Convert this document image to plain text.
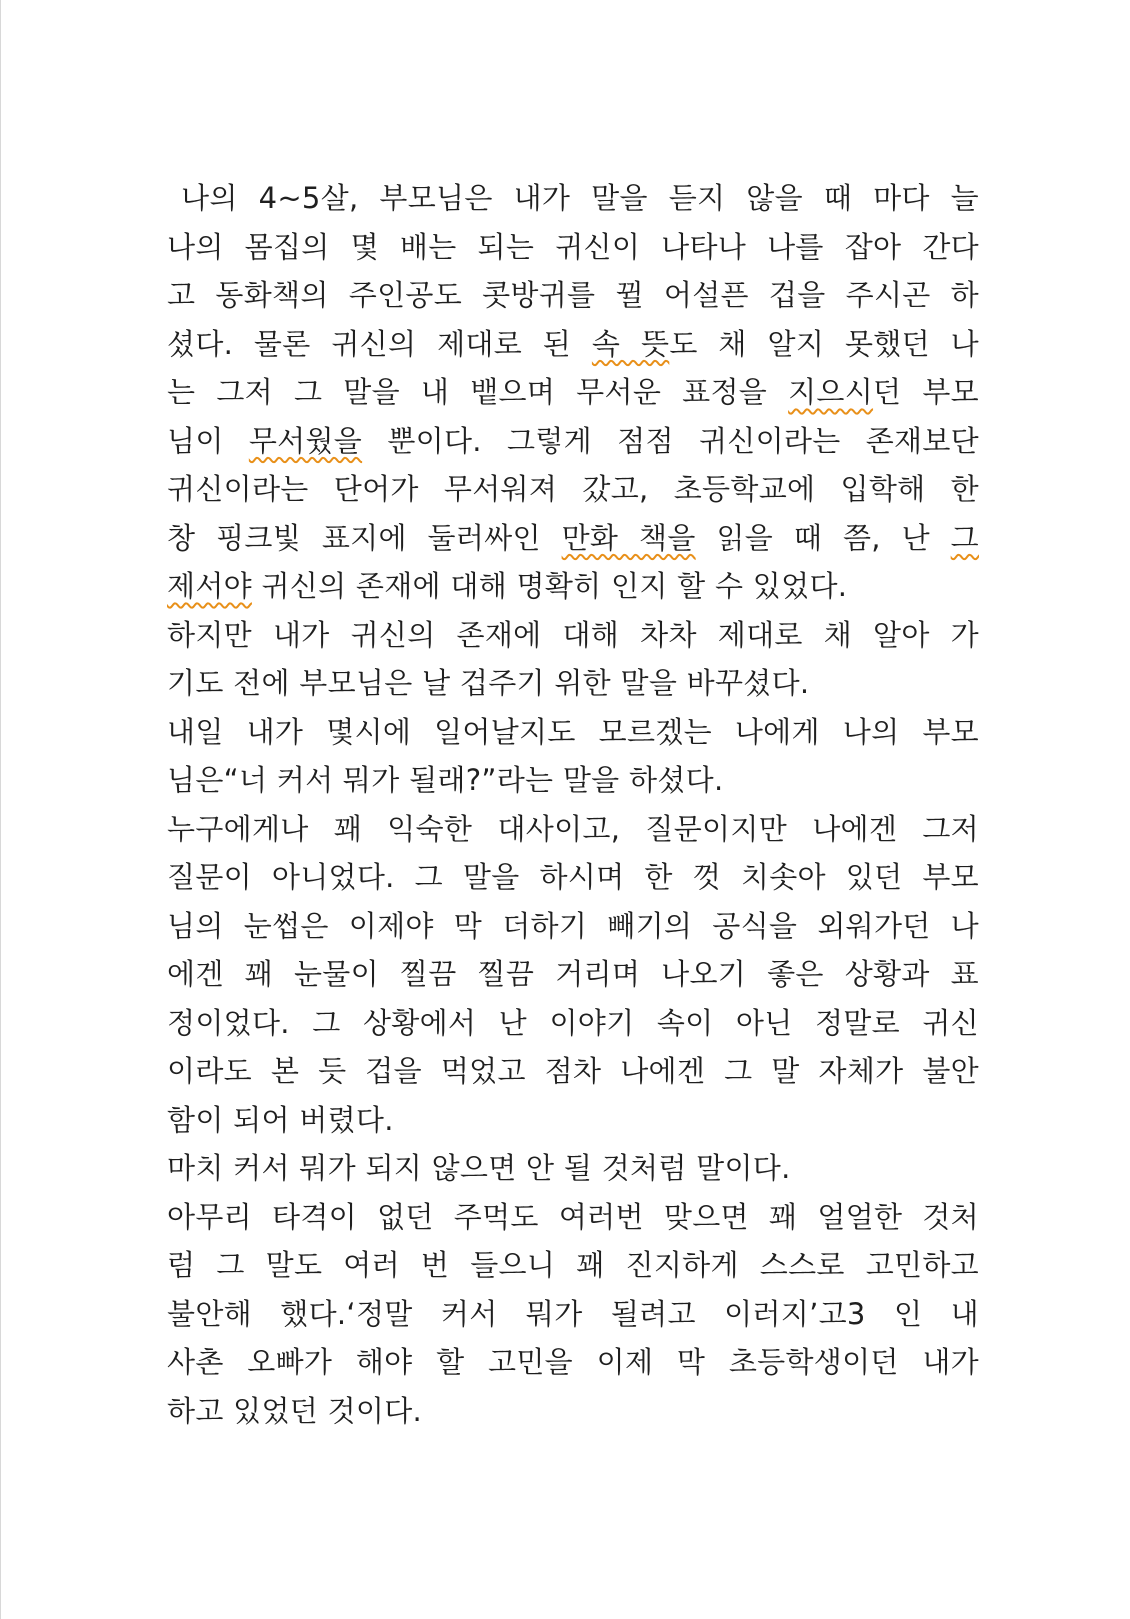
나의 4~5살, 부모님은 내가 말을 듣지 않을 때 마다 늘
나의 몸집의 몇 배는 되는 귀신이 나타나 나를 잡아 간다
고 동화책의 주인공도 콧방귀를 뀔 어설픈 겁을 주시곤 하
셨다. 물론 귀신의 제대로 된 속 뜻도 채 알지 못했던 나
는 그저 그 말을 내 뱉으며 무서운 표정을 지으시던 부모
님이 무서웠을 뿐이다. 그렇게 점점 귀신이라는 존재보단
귀신이라는 단어가 무서워져 갔고, 초등학교에 입학해 한
창 핑크빛 표지에 둘러싸인 만화 책을 읽을 때 쯤, 난 그
제서야 귀신의 존재에 대해 명확히 인지 할 수 있었다.
하지만 내가 귀신의 존재에 대해 차차 제대로 채 알아 가
기도 전에 부모님은 날 겁주기 위한 말을 바꾸셨다.
내일 내가 몇시에 일어날지도 모르겠는 나에게 나의 부모
님은“너 커서 뭐가 될래?”라는 말을 하셨다.
누구에게나 꽤 익숙한 대사이고, 질문이지만 나에겐 그저
질문이 아니었다. 그 말을 하시며 한 껏 치솟아 있던 부모
님의 눈썹은 이제야 막 더하기 빼기의 공식을 외워가던 나
에겐 꽤 눈물이 찔끔 찔끔 거리며 나오기 좋은 상황과 표
정이었다. 그 상황에서 난 이야기 속이 아닌 정말로 귀신
이라도 본 듯 겁을 먹었고 점차 나에겐 그 말 자체가 불안
함이 되어 버렸다.
마치 커서 뭐가 되지 않으면 안 될 것처럼 말이다.
아무리 타격이 없던 주먹도 여러번 맞으면 꽤 얼얼한 것처
럼 그 말도 여러 번 들으니 꽤 진지하게 스스로 고민하고
불안해 했다.‘정말 커서 뭐가 될려고 이러지’고3 인 내
사촌 오빠가 해야 할 고민을 이제 막 초등학생이던 내가
하고 있었던 것이다.
